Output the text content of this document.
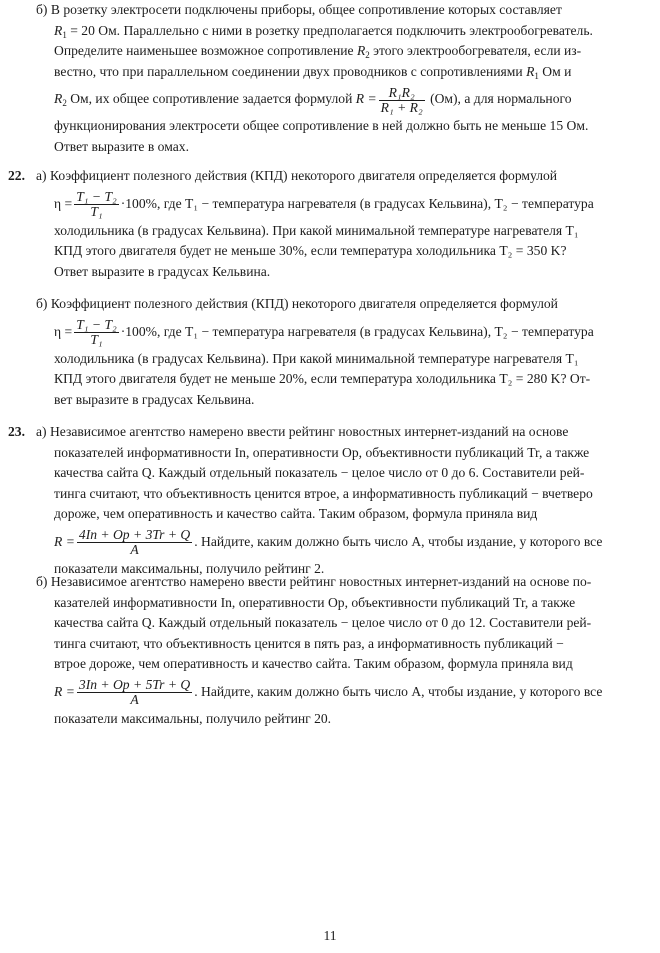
б) В розетку электросети подключены приборы, общее сопротивление которых составляет

$R_1 = 20$ Ом. Параллельно с ними в розетку предполагается подключить электрообогреватель.

Определите наименьшее возможное сопротивление $R_2$ этого электрообогревателя, если из-

вестно, что при параллельном соединении двух проводников с сопротивлениями $R_1$ Ом и

$R_2$ Ом, их общее сопротивление задается формулой $R = \frac{\text{R₁R₂}}{\text{R₁ + R₂}} (Ом)$, а для нормального

функционирования электросети общее сопротивление в ней должно быть не меньше 15 Ом.

Ответ выразите в омах.

22. а) Коэффициент полезного действия (КПД) некоторого двигателя определяется формулой

$\eta = \frac{\text{T₁ − T₂}}{\text{T₁}} \cdot 100\%$, где T₁ − температура нагревателя (в градусах Кельвина), T₂ − температура

холодильника (в градусах Кельвина). При какой минимальной температуре нагревателя T₁

КПД этого двигателя будет не меньше 30%, если температура холодильника T₂ = 350 K?

Ответ выразите в градусах Кельвина.

б) Коэффициент полезного действия (КПД) некоторого двигателя определяется формулой

$\eta = \frac{\text{T₁ − T₂}}{\text{T₁}} \cdot 100\%$, где T₁ − температура нагревателя (в градусах Кельвина), T₂ − температура

холодильника (в градусах Кельвина). При какой минимальной температуре нагревателя T₁

КПД этого двигателя будет не меньше 20%, если температура холодильника T₂ = 280 K? От-

вет выразите в градусах Кельвина.

23. а) Независимое агентство намерено ввести рейтинг новостных интернет-изданий на основе

показателей информативности In, оперативности Op, объективности публикаций Tr, а также

качества сайта Q. Каждый отдельный показатель − целое число от 0 до 6. Составители рей-

тинга считают, что объективность ценится втрое, а информативность публикаций − вчетверо

дороже, чем оперативность и качество сайта. Таким образом, формула приняла вид

$R = \frac{4In + Op + 3Tr + Q}{A}$ . Найдите, каким должно быть число A, чтобы издание, у которого все

показатели максимальны, получило рейтинг 2.

б) Независимое агентство намерено ввести рейтинг новостных интернет-изданий на основе по-

казателей информативности In, оперативности Op, объективности публикаций Tr, а также

качества сайта Q. Каждый отдельный показатель − целое число от 0 до 12. Составители рей-

тинга считают, что объективность ценится в пять раз, а информативность публикаций −

втрое дороже, чем оперативность и качество сайта. Таким образом, формула приняла вид

$R = \frac{3In + Op + 5Tr + Q}{A}$ . Найдите, каким должно быть число A, чтобы издание, у которого все

показатели максимальны, получило рейтинг 20.

11
